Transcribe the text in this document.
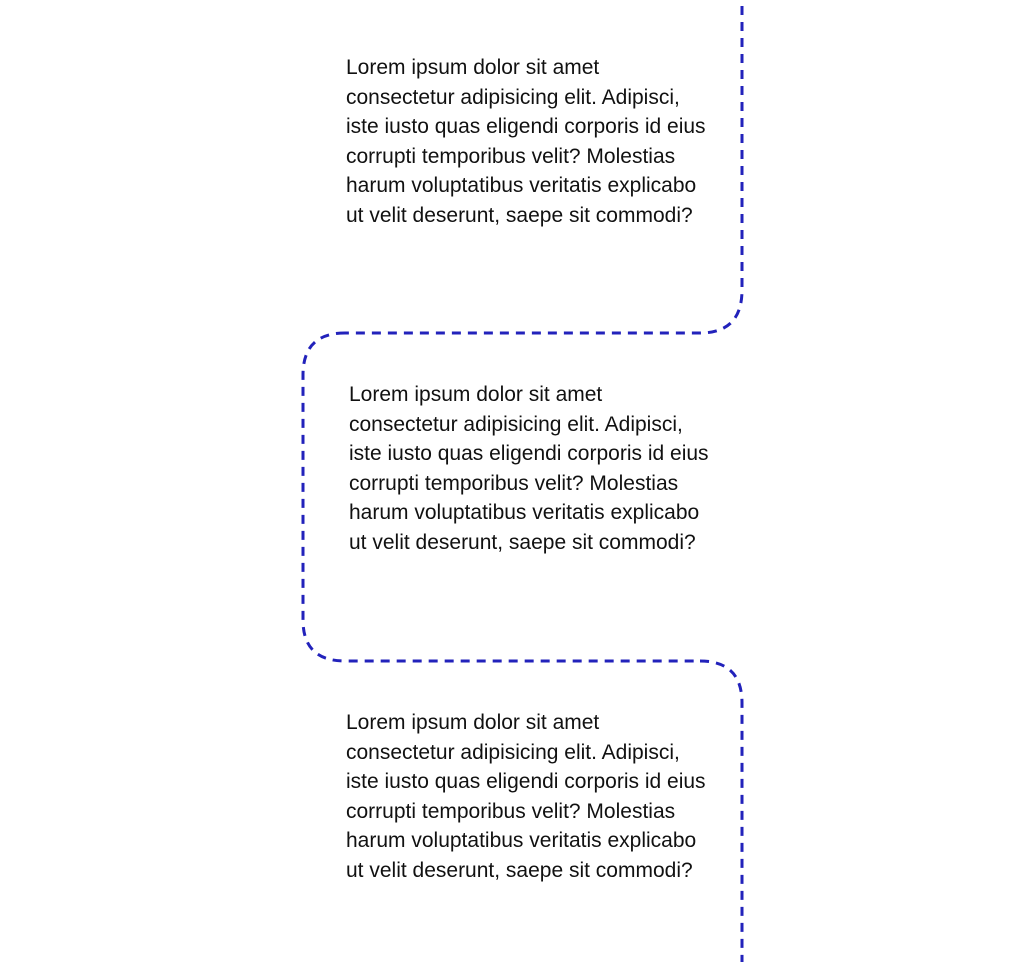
Lorem ipsum dolor sit amet consectetur adipisicing elit. Adipisci, iste iusto quas eligendi corporis id eius corrupti temporibus velit? Molestias harum voluptatibus veritatis explicabo ut velit deserunt, saepe sit commodi?

Lorem ipsum dolor sit amet consectetur adipisicing elit. Adipisci, iste iusto quas eligendi corporis id eius corrupti temporibus velit? Molestias harum voluptatibus veritatis explicabo ut velit deserunt, saepe sit commodi?

Lorem ipsum dolor sit amet consectetur adipisicing elit. Adipisci, iste iusto quas eligendi corporis id eius corrupti temporibus velit? Molestias harum voluptatibus veritatis explicabo ut velit deserunt, saepe sit commodi?
